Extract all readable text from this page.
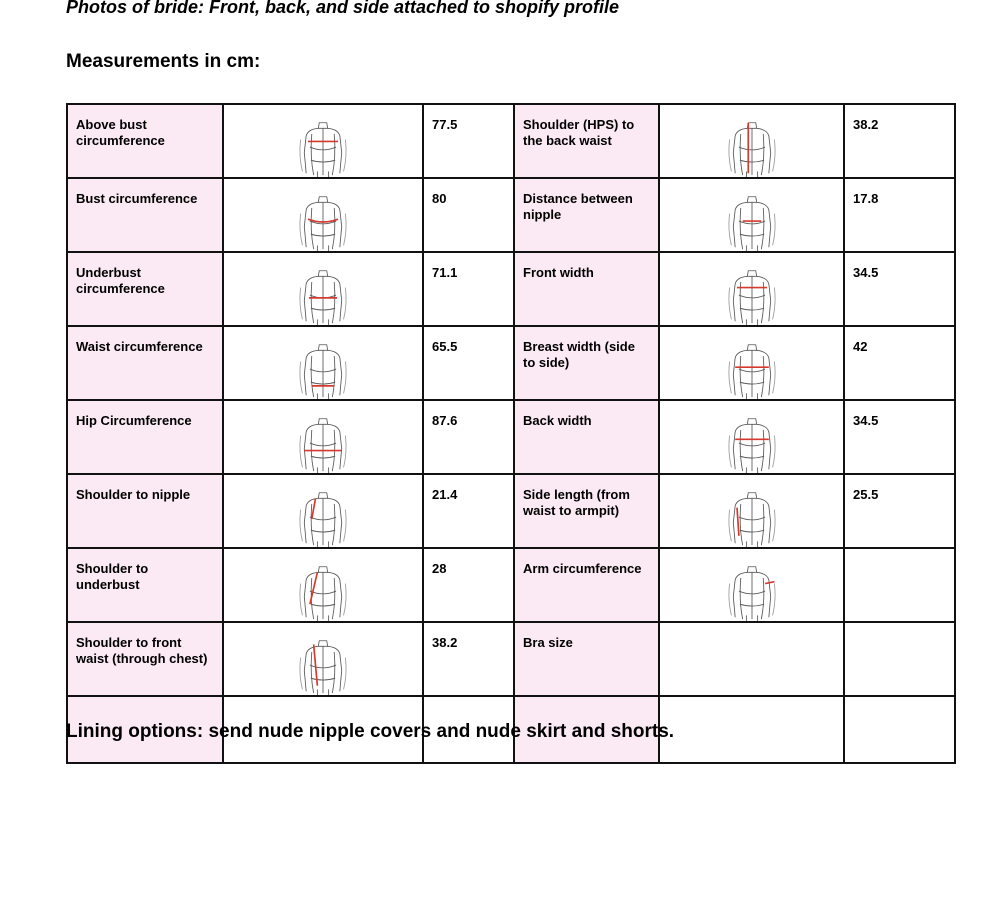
Photos of bride: Front, back, and side attached to shopify profile
Measurements in cm:
Above bust circumference		77.5	Shoulder (HPS) to the back waist		38.2
Bust circumference		80	Distance between nipple		17.8
Underbust circumference		71.1	Front width		34.5
Waist circumference		65.5	Breast width (side to side)		42
Hip Circumference		87.6	Back width		34.5
Shoulder to nipple		21.4	Side length (from waist to armpit)		25.5
Shoulder to underbust		28	Arm circumference	

Shoulder to front waist (through chest)		38.2	Bra size		

Lining options: send nude nipple covers and nude skirt and shorts.
